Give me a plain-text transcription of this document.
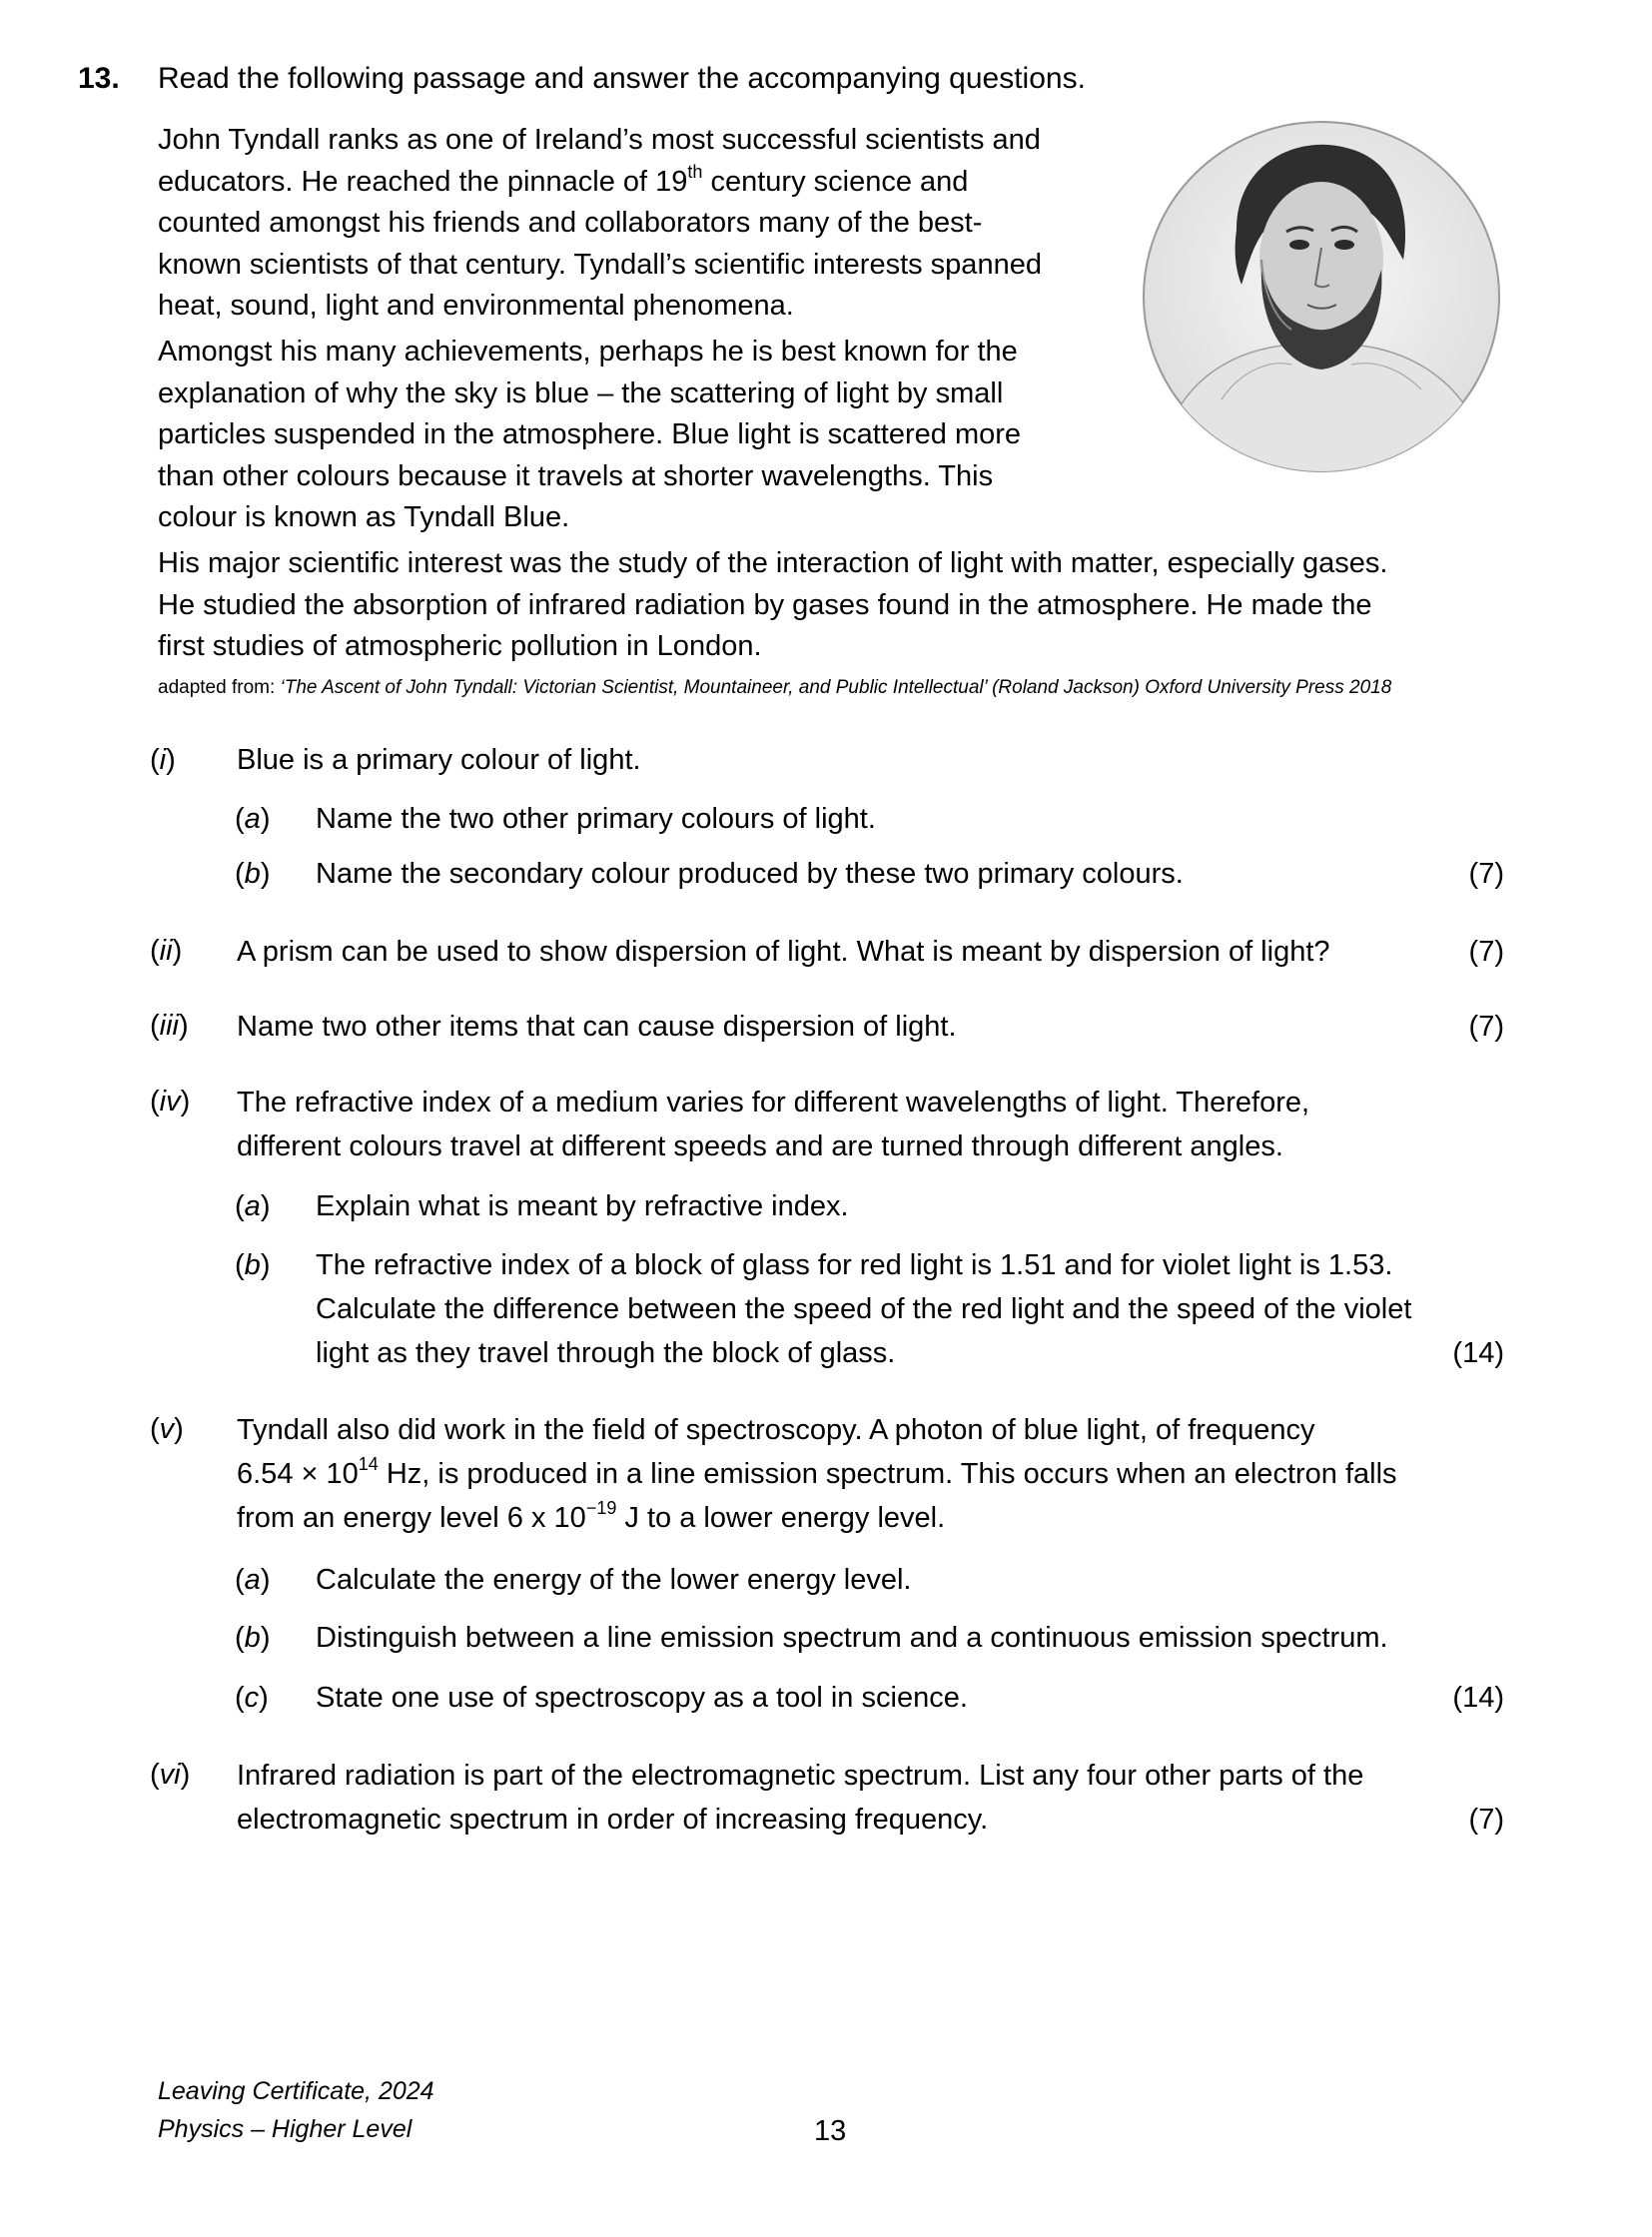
13. Read the following passage and answer the accompanying questions.
John Tyndall ranks as one of Ireland’s most successful scientists and
educators. He reached the pinnacle of 19th century science and
counted amongst his friends and collaborators many of the best-
known scientists of that century. Tyndall’s scientific interests spanned
heat, sound, light and environmental phenomena.
Amongst his many achievements, perhaps he is best known for the
explanation of why the sky is blue – the scattering of light by small
particles suspended in the atmosphere. Blue light is scattered more
than other colours because it travels at shorter wavelengths. This
colour is known as Tyndall Blue.
His major scientific interest was the study of the interaction of light with matter, especially gases.
He studied the absorption of infrared radiation by gases found in the atmosphere. He made the
first studies of atmospheric pollution in London.
adapted from: ‘The Ascent of John Tyndall: Victorian Scientist, Mountaineer, and Public Intellectual’ (Roland Jackson) Oxford University Press 2018
(i)	Blue is a primary colour of light.
(a)	Name the two other primary colours of light.
(b)	Name the secondary colour produced by these two primary colours.	(7)
(ii)	A prism can be used to show dispersion of light. What is meant by dispersion of light?	(7)
(iii)	Name two other items that can cause dispersion of light.	(7)
(iv)	The refractive index of a medium varies for different wavelengths of light. Therefore,
different colours travel at different speeds and are turned through different angles.
(a)	Explain what is meant by refractive index.
(b)	The refractive index of a block of glass for red light is 1.51 and for violet light is 1.53.
Calculate the difference between the speed of the red light and the speed of the violet
light as they travel through the block of glass.	(14)
(v)	Tyndall also did work in the field of spectroscopy. A photon of blue light, of frequency
$6.54 \times 10^{14}$ Hz, is produced in a line emission spectrum. This occurs when an electron falls
from an energy level 6 x $10^{-19}$ J to a lower energy level.
(a)	Calculate the energy of the lower energy level.
(b)	Distinguish between a line emission spectrum and a continuous emission spectrum.
(c)	State one use of spectroscopy as a tool in science.	(14)
(vi)	Infrared radiation is part of the electromagnetic spectrum. List any four other parts of the
electromagnetic spectrum in order of increasing frequency.	(7)
Leaving Certificate, 2024
Physics – Higher Level	13
